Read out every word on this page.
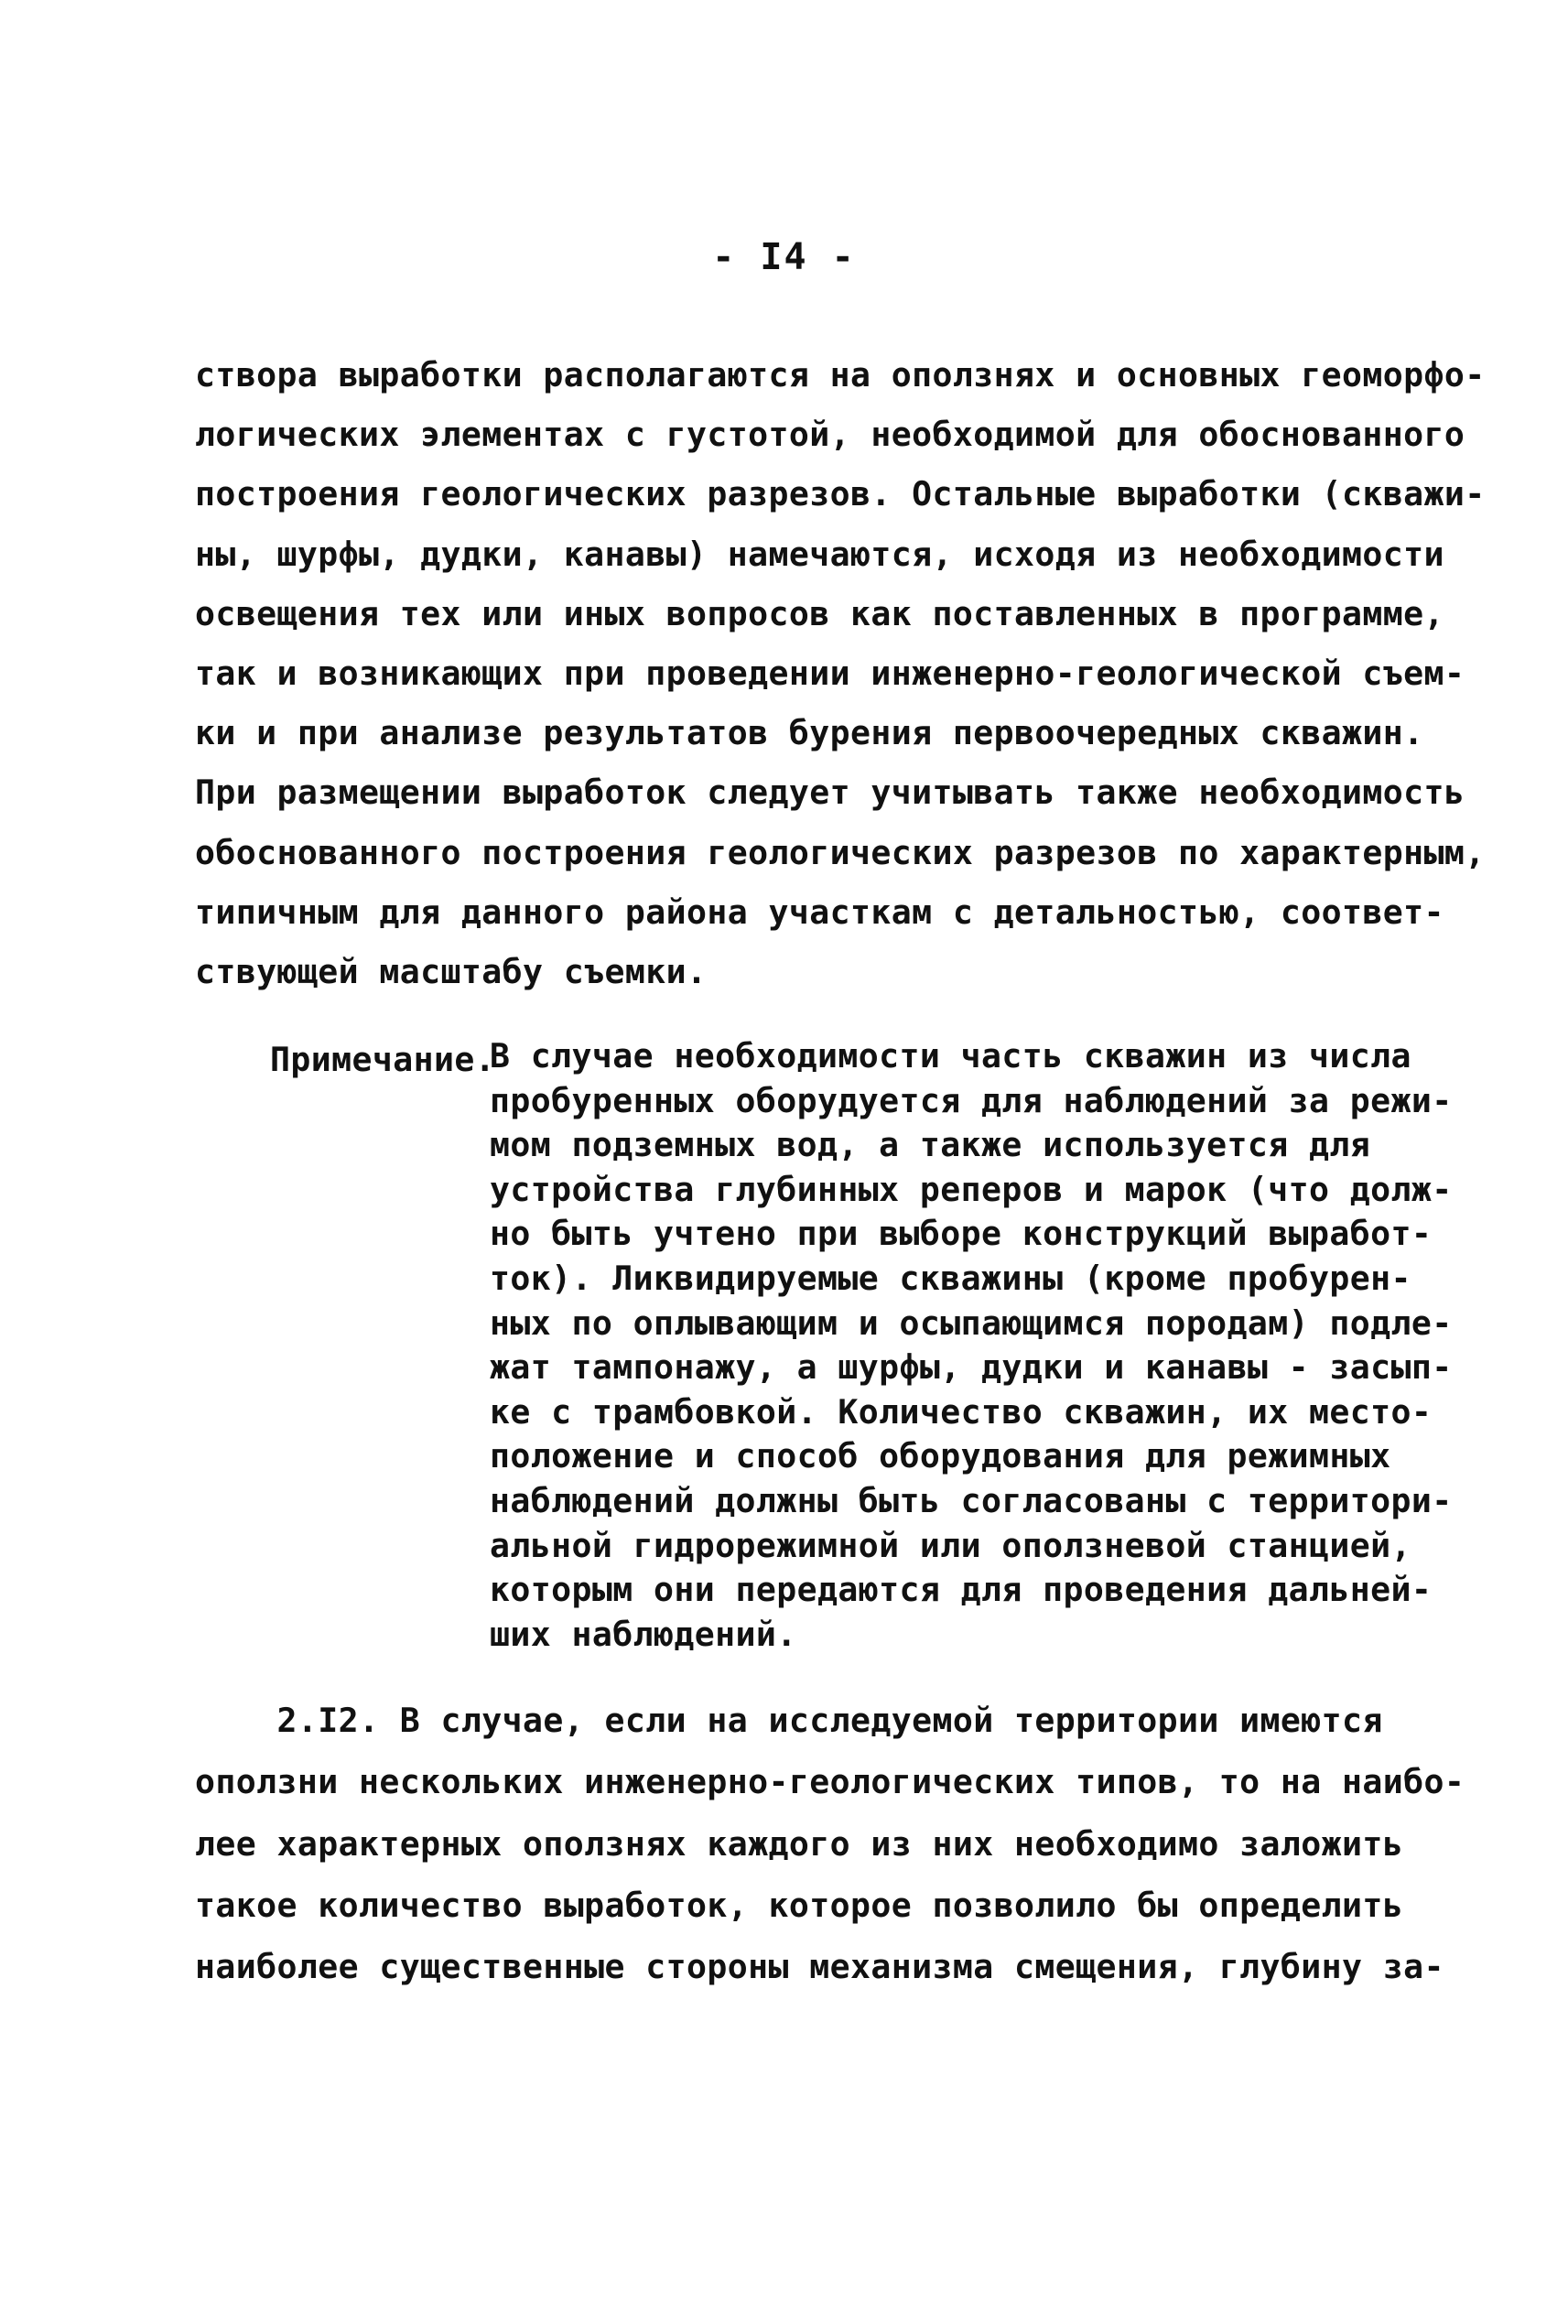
- I4 -
створа выработки располагаются на оползнях и основных геоморфо-
логических элементах с густотой, необходимой для обоснованного
построения геологических разрезов. Остальные выработки (скважи-
ны, шурфы, дудки, канавы) намечаются, исходя из необходимости
освещения тех или иных вопросов как поставленных в программе,
так и возникающих при проведении инженерно-геологической съем-
ки и при анализе результатов бурения первоочередных скважин.
При размещении выработок следует учитывать также необходимость
обоснованного построения геологических разрезов по характерным,
типичным для данного района участкам с детальностью, соответ-
ствующей масштабу съемки.
Примечание.
В случае необходимости часть скважин из числа
пробуренных оборудуется для наблюдений за режи-
мом подземных вод, а также используется для
устройства глубинных реперов и марок (что долж-
но быть учтено при выборе конструкций выработ-
ток). Ликвидируемые скважины (кроме пробурен-
ных по оплывающим и осыпающимся породам) подле-
жат тампонажу, а шурфы, дудки и канавы - засып-
ке с трамбовкой. Количество скважин, их место-
положение и способ оборудования для режимных
наблюдений должны быть согласованы с территори-
альной гидрорежимной или оползневой станцией,
которым они передаются для проведения дальней-
ших наблюдений.
2.I2. В случае, если на исследуемой территории имеются
оползни нескольких инженерно-геологических типов, то на наибо-
лее характерных оползнях каждого из них необходимо заложить
такое количество выработок, которое позволило бы определить
наиболее существенные стороны механизма смещения, глубину за-
